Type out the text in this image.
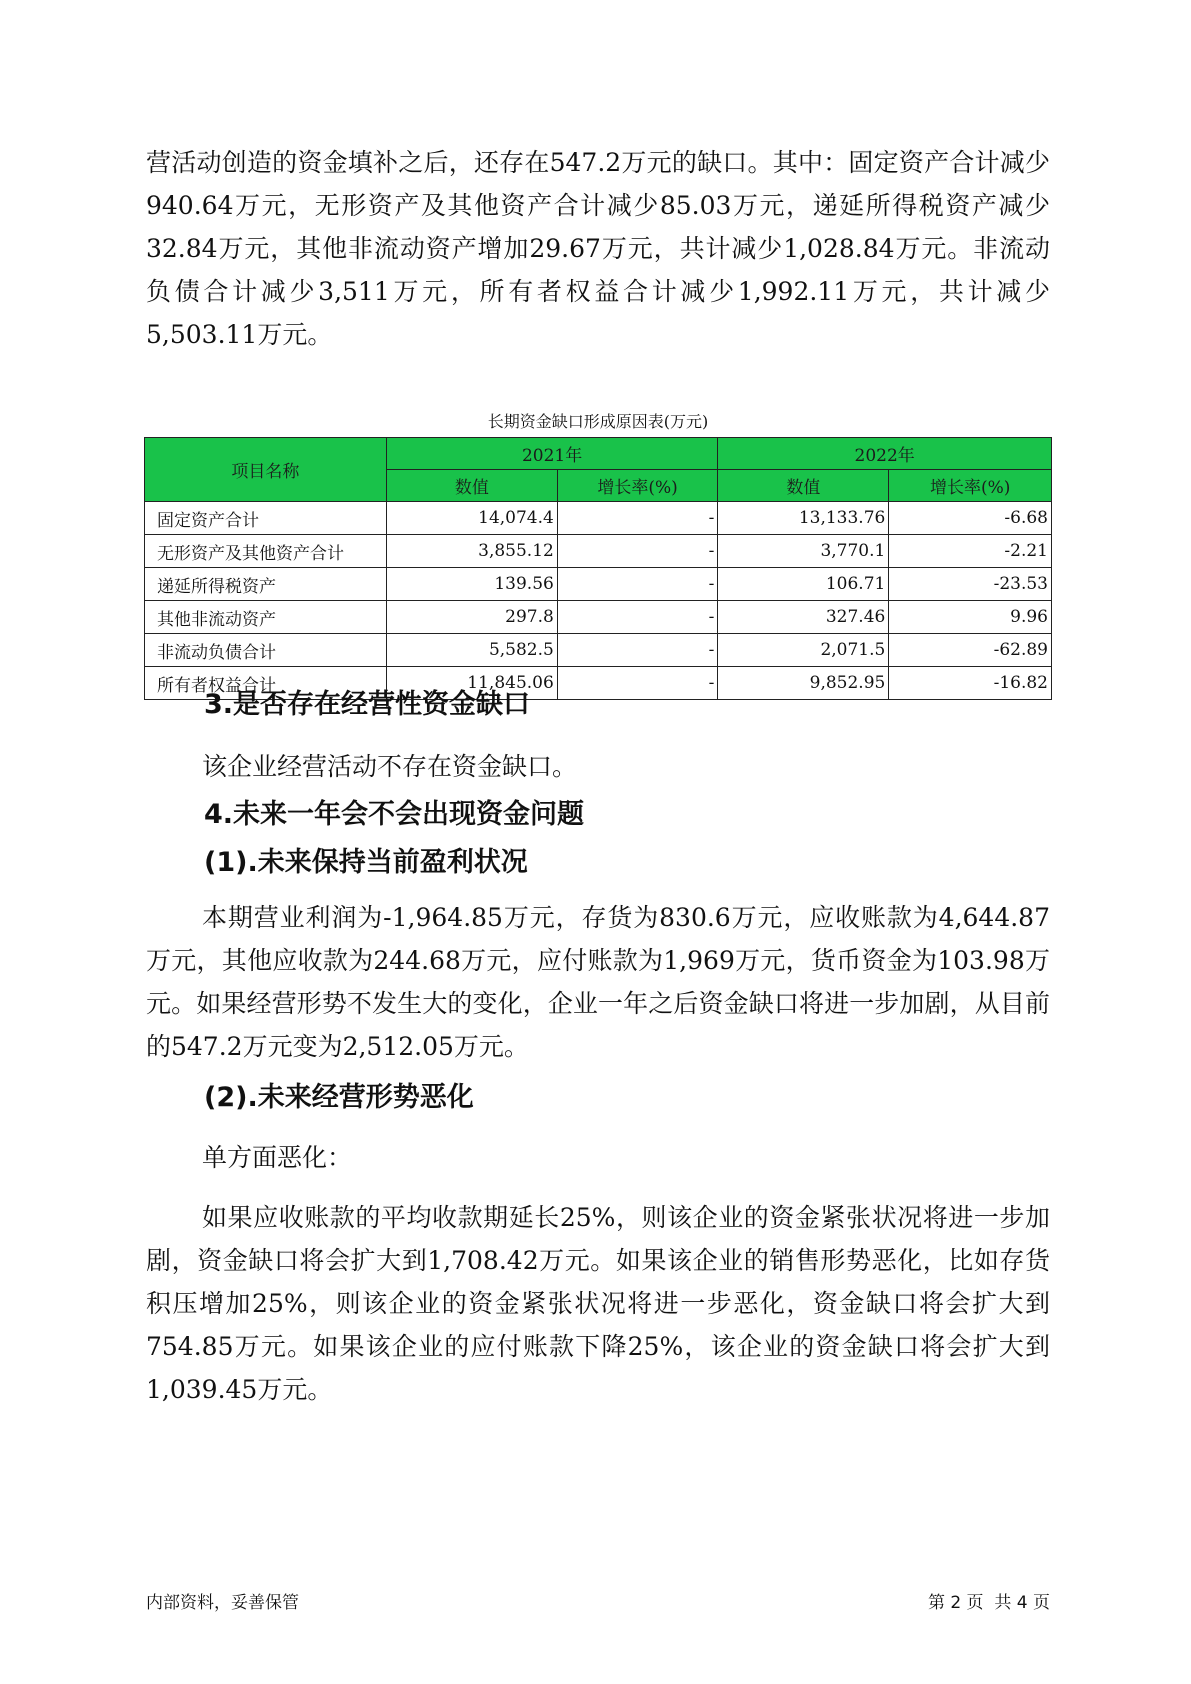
营活动创造的资金填补之后，还存在547.2万元的缺口。其中：固定资产合计减少940.64万元，无形资产及其他资产合计减少85.03万元，递延所得税资产减少32.84万元，其他非流动资产增加29.67万元，共计减少1,028.84万元。非流动负债合计减少3,511万元，所有者权益合计减少1,992.11万元，共计减少5,503.11万元。

长期资金缺口形成原因表(万元)
项目名称	2021年		2022年	
	数值	增长率(%)	数值	增长率(%)
固定资产合计	14,074.4	-	13,133.76	-6.68
无形资产及其他资产合计	3,855.12	-	3,770.1	-2.21
递延所得税资产	139.56	-	106.71	-23.53
其他非流动资产	297.8	-	327.46	9.96
非流动负债合计	5,582.5	-	2,071.5	-62.89
所有者权益合计	11,845.06	-	9,852.95	-16.82
3.是否存在经营性资金缺口

该企业经营活动不存在资金缺口。

4.未来一年会不会出现资金问题
(1).未来保持当前盈利状况

本期营业利润为-1,964.85万元，存货为830.6万元，应收账款为4,644.87万元，其他应收款为244.68万元，应付账款为1,969万元，货币资金为103.98万元。如果经营形势不发生大的变化，企业一年之后资金缺口将进一步加剧，从目前的547.2万元变为2,512.05万元。

(2).未来经营形势恶化

单方面恶化：

如果应收账款的平均收款期延长25%，则该企业的资金紧张状况将进一步加剧，资金缺口将会扩大到1,708.42万元。如果该企业的销售形势恶化，比如存货积压增加25%，则该企业的资金紧张状况将进一步恶化，资金缺口将会扩大到754.85万元。如果该企业的应付账款下降25%，该企业的资金缺口将会扩大到1,039.45万元。

内部资料，妥善保管	第 2 页  共 4 页
